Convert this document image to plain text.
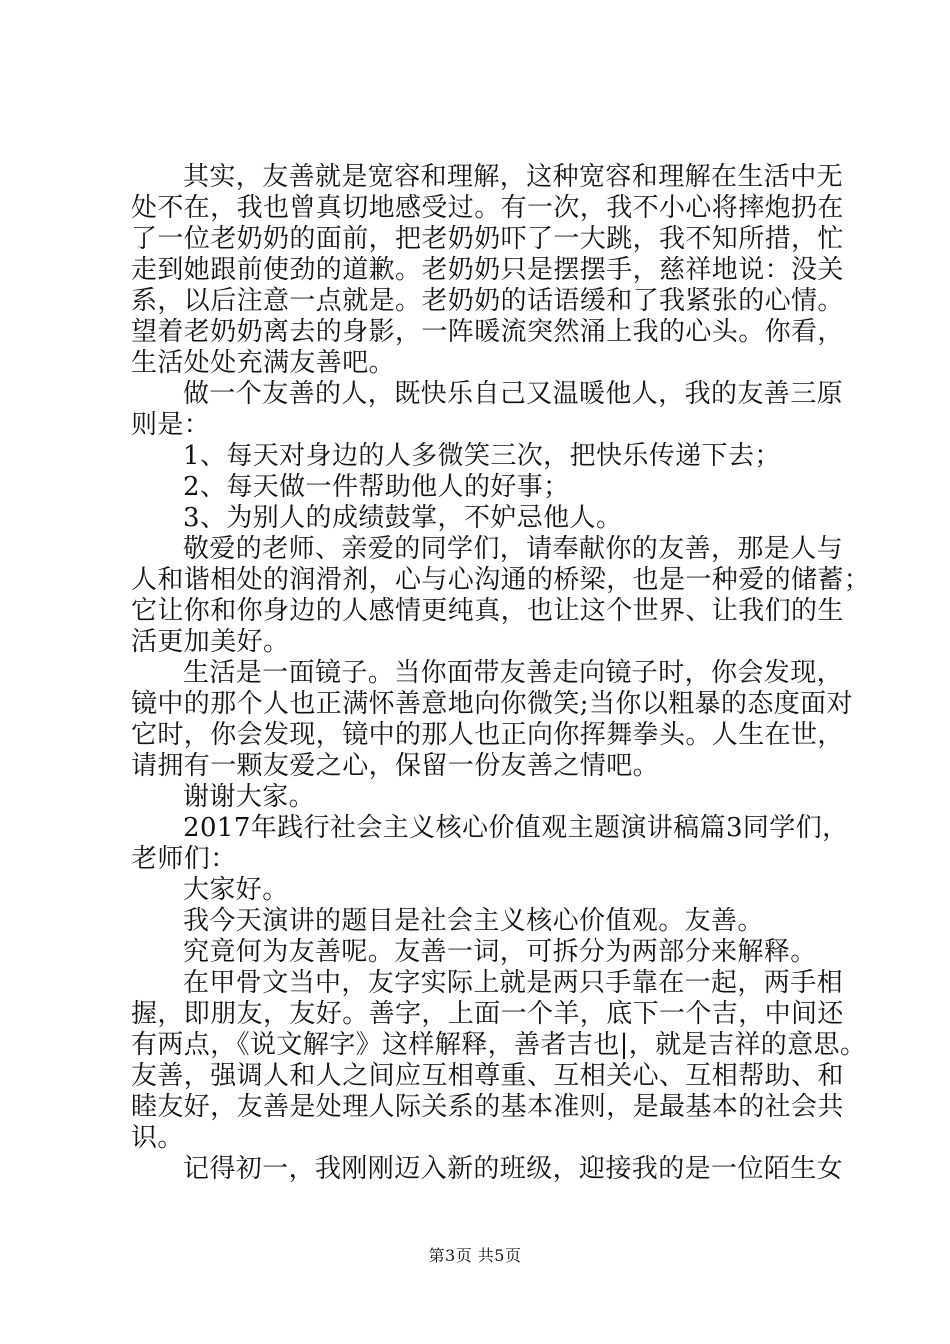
其实，友善就是宽容和理解，这种宽容和理解在生活中无
处不在，我也曾真切地感受过。有一次，我不小心将摔炮扔在
了一位老奶奶的面前，把老奶奶吓了一大跳，我不知所措，忙
走到她跟前使劲的道歉。老奶奶只是摆摆手，慈祥地说：没关
系，以后注意一点就是。老奶奶的话语缓和了我紧张的心情。
望着老奶奶离去的身影，一阵暖流突然涌上我的心头。你看，
生活处处充满友善吧。
做一个友善的人，既快乐自己又温暖他人，我的友善三原
则是：
1、每天对身边的人多微笑三次，把快乐传递下去；
2、每天做一件帮助他人的好事；
3、为别人的成绩鼓掌，不妒忌他人。
敬爱的老师、亲爱的同学们，请奉献你的友善，那是人与
人和谐相处的润滑剂，心与心沟通的桥梁，也是一种爱的储蓄；
它让你和你身边的人感情更纯真，也让这个世界、让我们的生
活更加美好。
生活是一面镜子。当你面带友善走向镜子时，你会发现，
镜中的那个人也正满怀善意地向你微笑;当你以粗暴的态度面对
它时，你会发现，镜中的那人也正向你挥舞拳头。人生在世，
请拥有一颗友爱之心，保留一份友善之情吧。
谢谢大家。
2017年践行社会主义核心价值观主题演讲稿篇3同学们，
老师们：
大家好。
我今天演讲的题目是社会主义核心价值观。友善。
究竟何为友善呢。友善一词，可拆分为两部分来解释。
在甲骨文当中，友字实际上就是两只手靠在一起，两手相
握，即朋友，友好。善字，上面一个羊，底下一个吉，中间还
有两点，《说文解字》这样解释，善者吉也|，就是吉祥的意思。
友善，强调人和人之间应互相尊重、互相关心、互相帮助、和
睦友好，友善是处理人际关系的基本准则，是最基本的社会共
识。
记得初一，我刚刚迈入新的班级，迎接我的是一位陌生女
第3页 共5页
